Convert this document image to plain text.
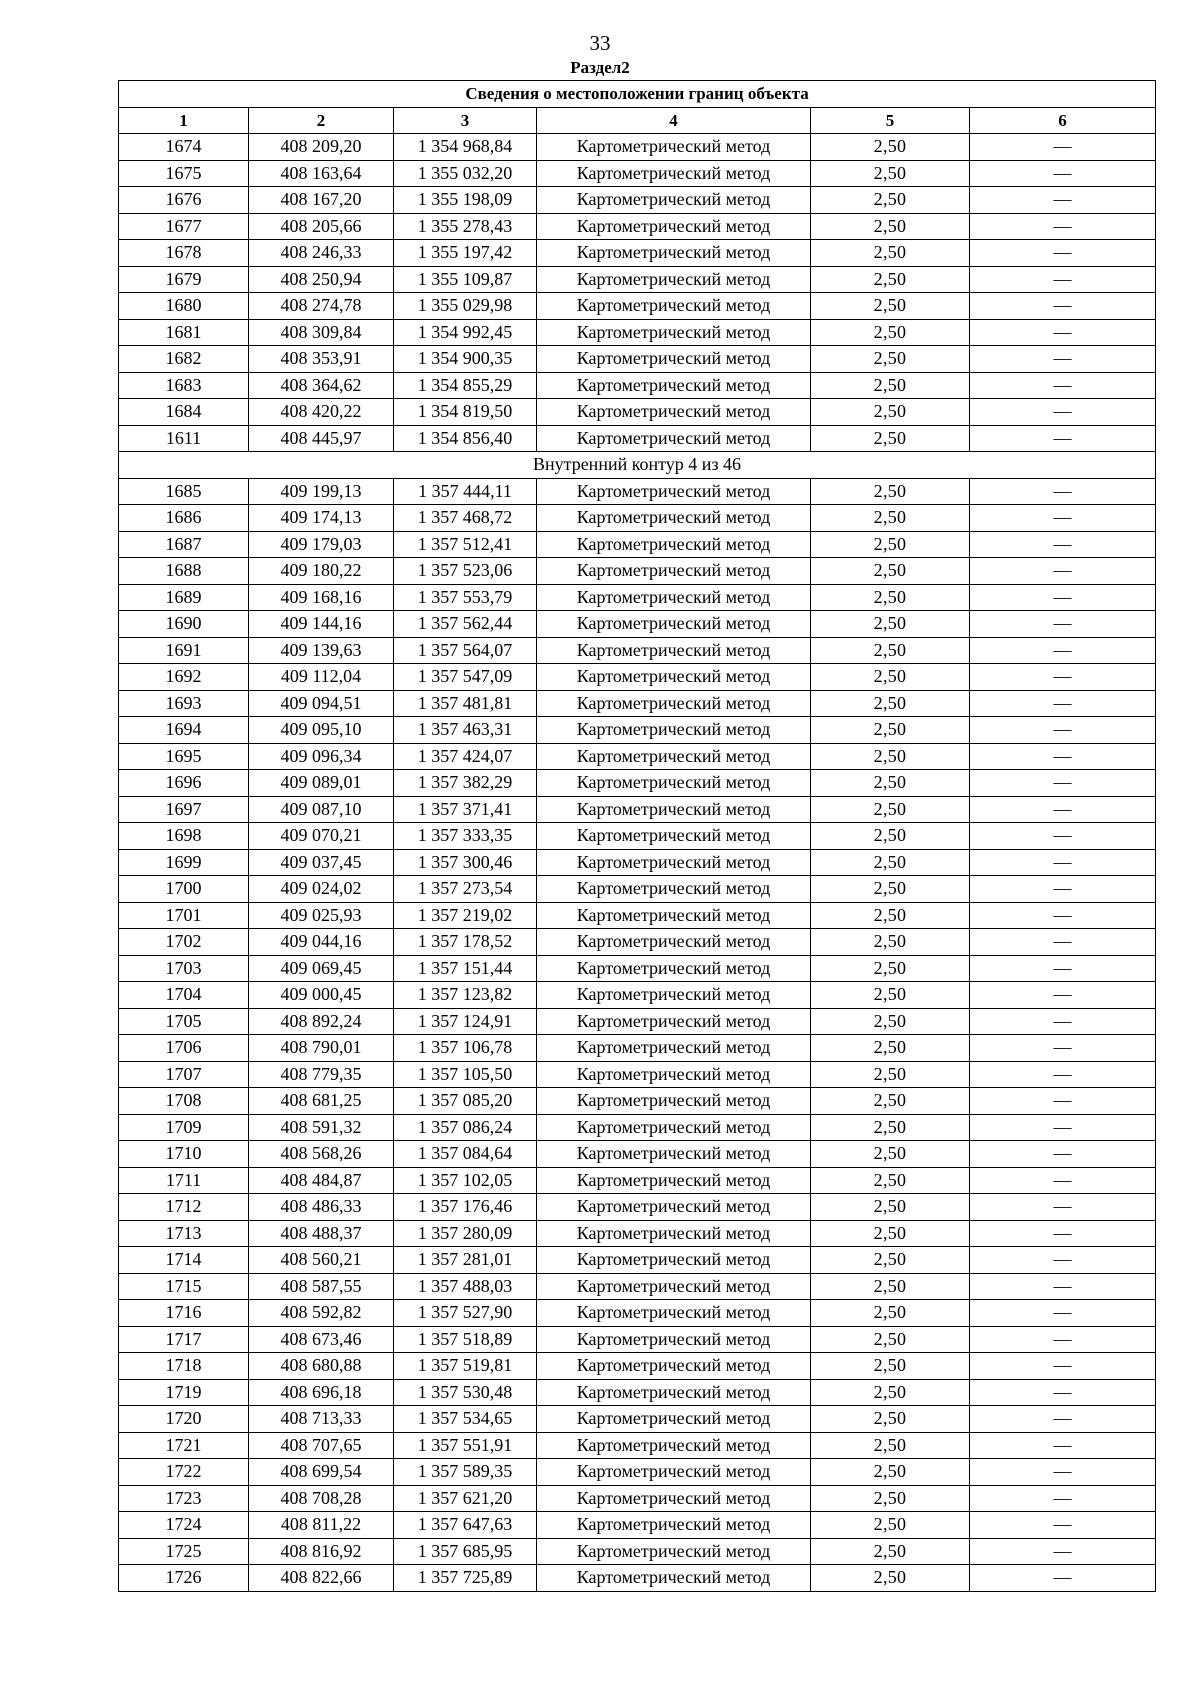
33
Раздел2
Сведения о местоположении границ объекта					
1	2	3	4	5	6
1674	408 209,20	1 354 968,84	Картометрический метод	2,50	—
1675	408 163,64	1 355 032,20	Картометрический метод	2,50	—
1676	408 167,20	1 355 198,09	Картометрический метод	2,50	—
1677	408 205,66	1 355 278,43	Картометрический метод	2,50	—
1678	408 246,33	1 355 197,42	Картометрический метод	2,50	—
1679	408 250,94	1 355 109,87	Картометрический метод	2,50	—
1680	408 274,78	1 355 029,98	Картометрический метод	2,50	—
1681	408 309,84	1 354 992,45	Картометрический метод	2,50	—
1682	408 353,91	1 354 900,35	Картометрический метод	2,50	—
1683	408 364,62	1 354 855,29	Картометрический метод	2,50	—
1684	408 420,22	1 354 819,50	Картометрический метод	2,50	—
1611	408 445,97	1 354 856,40	Картометрический метод	2,50	—
Внутренний контур 4 из 46					
1685	409 199,13	1 357 444,11	Картометрический метод	2,50	—
1686	409 174,13	1 357 468,72	Картометрический метод	2,50	—
1687	409 179,03	1 357 512,41	Картометрический метод	2,50	—
1688	409 180,22	1 357 523,06	Картометрический метод	2,50	—
1689	409 168,16	1 357 553,79	Картометрический метод	2,50	—
1690	409 144,16	1 357 562,44	Картометрический метод	2,50	—
1691	409 139,63	1 357 564,07	Картометрический метод	2,50	—
1692	409 112,04	1 357 547,09	Картометрический метод	2,50	—
1693	409 094,51	1 357 481,81	Картометрический метод	2,50	—
1694	409 095,10	1 357 463,31	Картометрический метод	2,50	—
1695	409 096,34	1 357 424,07	Картометрический метод	2,50	—
1696	409 089,01	1 357 382,29	Картометрический метод	2,50	—
1697	409 087,10	1 357 371,41	Картометрический метод	2,50	—
1698	409 070,21	1 357 333,35	Картометрический метод	2,50	—
1699	409 037,45	1 357 300,46	Картометрический метод	2,50	—
1700	409 024,02	1 357 273,54	Картометрический метод	2,50	—
1701	409 025,93	1 357 219,02	Картометрический метод	2,50	—
1702	409 044,16	1 357 178,52	Картометрический метод	2,50	—
1703	409 069,45	1 357 151,44	Картометрический метод	2,50	—
1704	409 000,45	1 357 123,82	Картометрический метод	2,50	—
1705	408 892,24	1 357 124,91	Картометрический метод	2,50	—
1706	408 790,01	1 357 106,78	Картометрический метод	2,50	—
1707	408 779,35	1 357 105,50	Картометрический метод	2,50	—
1708	408 681,25	1 357 085,20	Картометрический метод	2,50	—
1709	408 591,32	1 357 086,24	Картометрический метод	2,50	—
1710	408 568,26	1 357 084,64	Картометрический метод	2,50	—
1711	408 484,87	1 357 102,05	Картометрический метод	2,50	—
1712	408 486,33	1 357 176,46	Картометрический метод	2,50	—
1713	408 488,37	1 357 280,09	Картометрический метод	2,50	—
1714	408 560,21	1 357 281,01	Картометрический метод	2,50	—
1715	408 587,55	1 357 488,03	Картометрический метод	2,50	—
1716	408 592,82	1 357 527,90	Картометрический метод	2,50	—
1717	408 673,46	1 357 518,89	Картометрический метод	2,50	—
1718	408 680,88	1 357 519,81	Картометрический метод	2,50	—
1719	408 696,18	1 357 530,48	Картометрический метод	2,50	—
1720	408 713,33	1 357 534,65	Картометрический метод	2,50	—
1721	408 707,65	1 357 551,91	Картометрический метод	2,50	—
1722	408 699,54	1 357 589,35	Картометрический метод	2,50	—
1723	408 708,28	1 357 621,20	Картометрический метод	2,50	—
1724	408 811,22	1 357 647,63	Картометрический метод	2,50	—
1725	408 816,92	1 357 685,95	Картометрический метод	2,50	—
1726	408 822,66	1 357 725,89	Картометрический метод	2,50	—
